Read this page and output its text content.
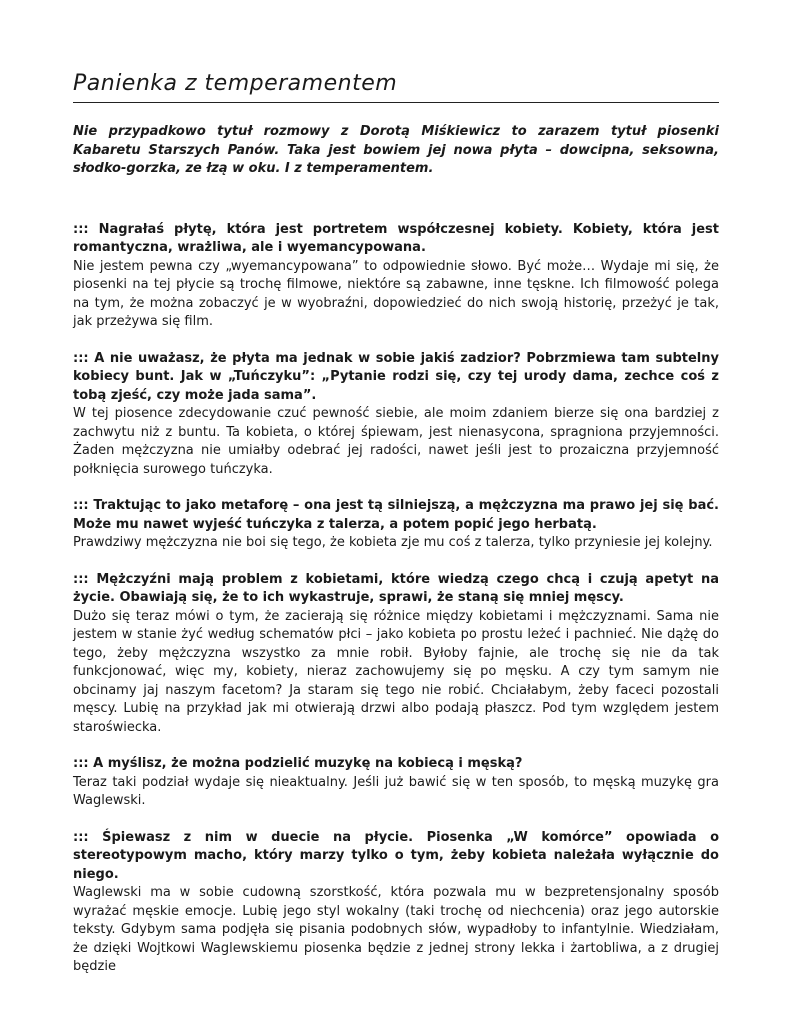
Panienka z temperamentem

Nie przypadkowo tytuł rozmowy z Dorotą Miśkiewicz to zarazem tytuł piosenki Kabaretu Starszych Panów. Taka jest bowiem jej nowa płyta – dowcipna, seksowna, słodko-gorzka, ze łzą w oku. I z temperamentem.

::: Nagrałaś płytę, która jest portretem współczesnej kobiety. Kobiety, która jest romantyczna, wrażliwa, ale i wyemancypowana.

Nie jestem pewna czy „wyemancypowana” to odpowiednie słowo. Być może… Wydaje mi się, że piosenki na tej płycie są trochę filmowe, niektóre są zabawne, inne tęskne. Ich filmowość polega na tym, że można zobaczyć je w wyobraźni, dopowiedzieć do nich swoją historię, przeżyć je tak, jak przeżywa się film.

::: A nie uważasz, że płyta ma jednak w sobie jakiś zadzior? Pobrzmiewa tam subtelny kobiecy bunt. Jak w „Tuńczyku”: „Pytanie rodzi się, czy tej urody dama, zechce coś z tobą zjeść, czy może jada sama”.

W tej piosence zdecydowanie czuć pewność siebie, ale moim zdaniem bierze się ona bardziej z zachwytu niż z buntu. Ta kobieta, o której śpiewam, jest nienasycona, spragniona przyjemności. Żaden mężczyzna nie umiałby odebrać jej radości, nawet jeśli jest to prozaiczna przyjemność połknięcia surowego tuńczyka.

::: Traktując to jako metaforę – ona jest tą silniejszą, a mężczyzna ma prawo jej się bać. Może mu nawet wyjeść tuńczyka z talerza, a potem popić jego herbatą.

Prawdziwy mężczyzna nie boi się tego, że kobieta zje mu coś z talerza, tylko przyniesie jej kolejny.

::: Mężczyźni mają problem z kobietami, które wiedzą czego chcą i czują apetyt na życie. Obawiają się, że to ich wykastruje, sprawi, że staną się mniej męscy.

Dużo się teraz mówi o tym, że zacierają się różnice między kobietami i mężczyznami. Sama nie jestem w stanie żyć według schematów płci – jako kobieta po prostu leżeć i pachnieć. Nie dążę do tego, żeby mężczyzna wszystko za mnie robił. Byłoby fajnie, ale trochę się nie da tak funkcjonować, więc my, kobiety, nieraz zachowujemy się po męsku. A czy tym samym nie obcinamy jaj naszym facetom? Ja staram się tego nie robić. Chciałabym, żeby faceci pozostali męscy. Lubię na przykład jak mi otwierają drzwi albo podają płaszcz. Pod tym względem jestem staroświecka.

::: A myślisz, że można podzielić muzykę na kobiecą i męską?

Teraz taki podział wydaje się nieaktualny. Jeśli już bawić się w ten sposób, to męską muzykę gra Waglewski.

::: Śpiewasz z nim w duecie na płycie. Piosenka „W komórce” opowiada o stereotypowym macho, który marzy tylko o tym, żeby kobieta należała wyłącznie do niego.

Waglewski ma w sobie cudowną szorstkość, która pozwala mu w bezpretensjonalny sposób wyrażać męskie emocje. Lubię jego styl wokalny (taki trochę od niechcenia) oraz jego autorskie teksty. Gdybym sama podjęła się pisania podobnych słów, wypadłoby to infantylnie. Wiedziałam, że dzięki Wojtkowi Waglewskiemu piosenka będzie z jednej strony lekka i żartobliwa, a z drugiej będzie
